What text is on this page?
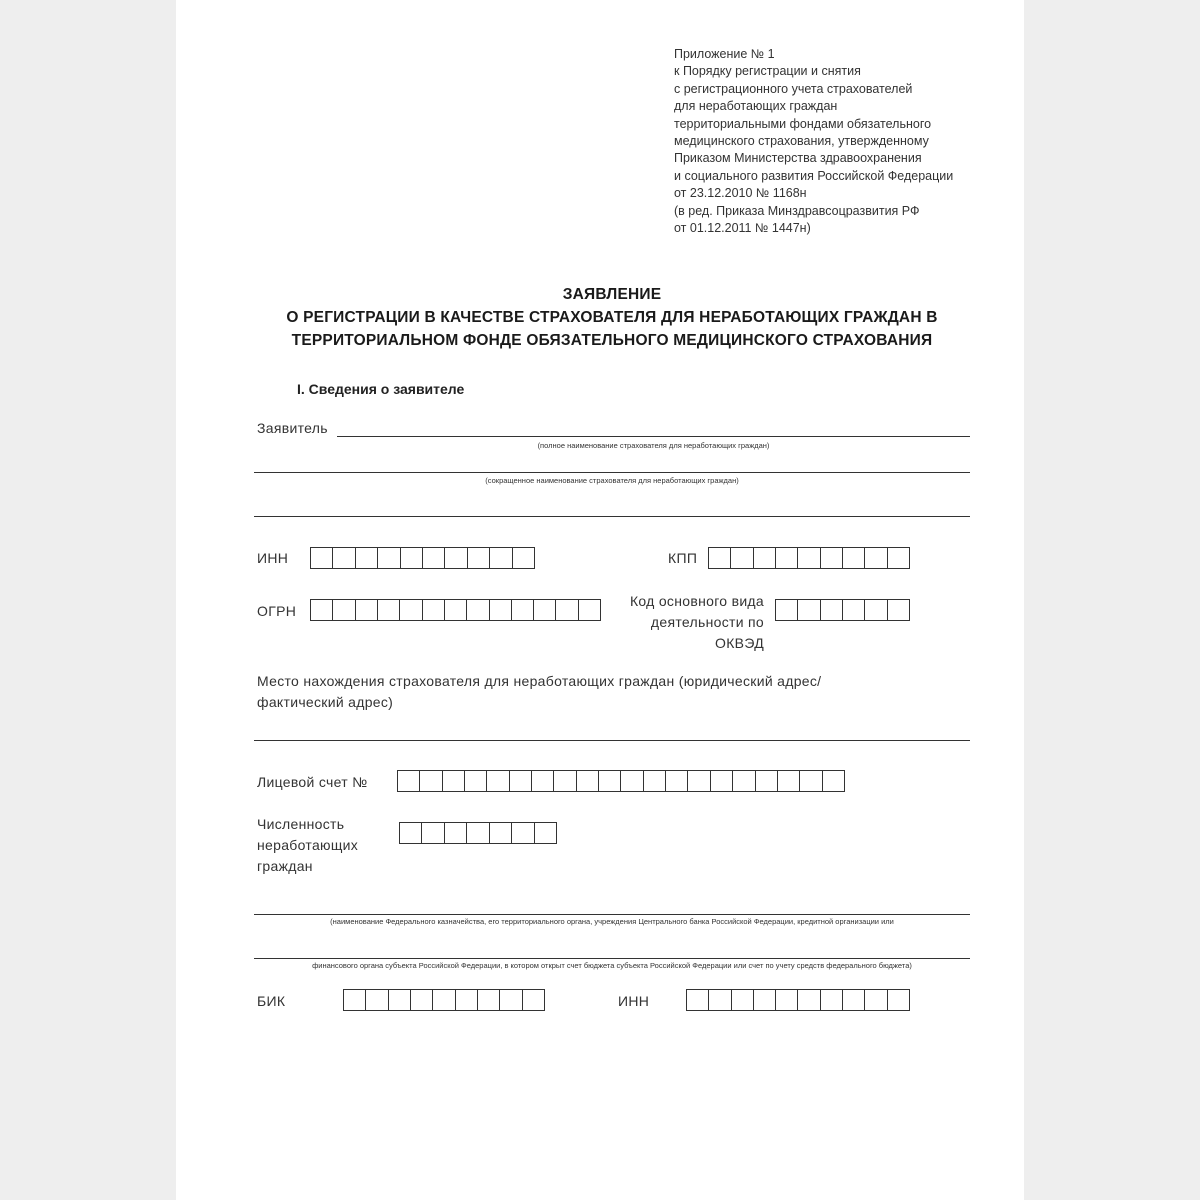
Приложение № 1
к Порядку регистрации и снятия
с регистрационного учета страхователей
для неработающих граждан
территориальными фондами обязательного
медицинского страхования, утвержденному
Приказом Министерства здравоохранения
и социального развития Российской Федерации
от 23.12.2010 № 1168н
(в ред. Приказа Минздравсоцразвития РФ
от 01.12.2011 № 1447н)
ЗАЯВЛЕНИЕ
О РЕГИСТРАЦИИ В КАЧЕСТВЕ СТРАХОВАТЕЛЯ ДЛЯ НЕРАБОТАЮЩИХ ГРАЖДАН В
ТЕРРИТОРИАЛЬНОМ ФОНДЕ ОБЯЗАТЕЛЬНОГО МЕДИЦИНСКОГО СТРАХОВАНИЯ
I. Сведения о заявителе
Заявитель
(полное наименование страхователя для неработающих граждан)
(сокращенное наименование страхователя для неработающих граждан)
ИНН	КПП
ОГРН
Код основного вида
деятельности по
ОКВЭД
Место нахождения страхователя для неработающих граждан (юридический адрес/
фактический адрес)
Лицевой счет №
Численность
неработающих
граждан
(наименование Федерального казначейства, его территориального органа, учреждения Центрального банка Российской Федерации, кредитной организации или
финансового органа субъекта Российской Федерации, в котором открыт счет бюджета субъекта Российской Федерации или счет по учету средств федерального бюджета)
БИК	ИНН
